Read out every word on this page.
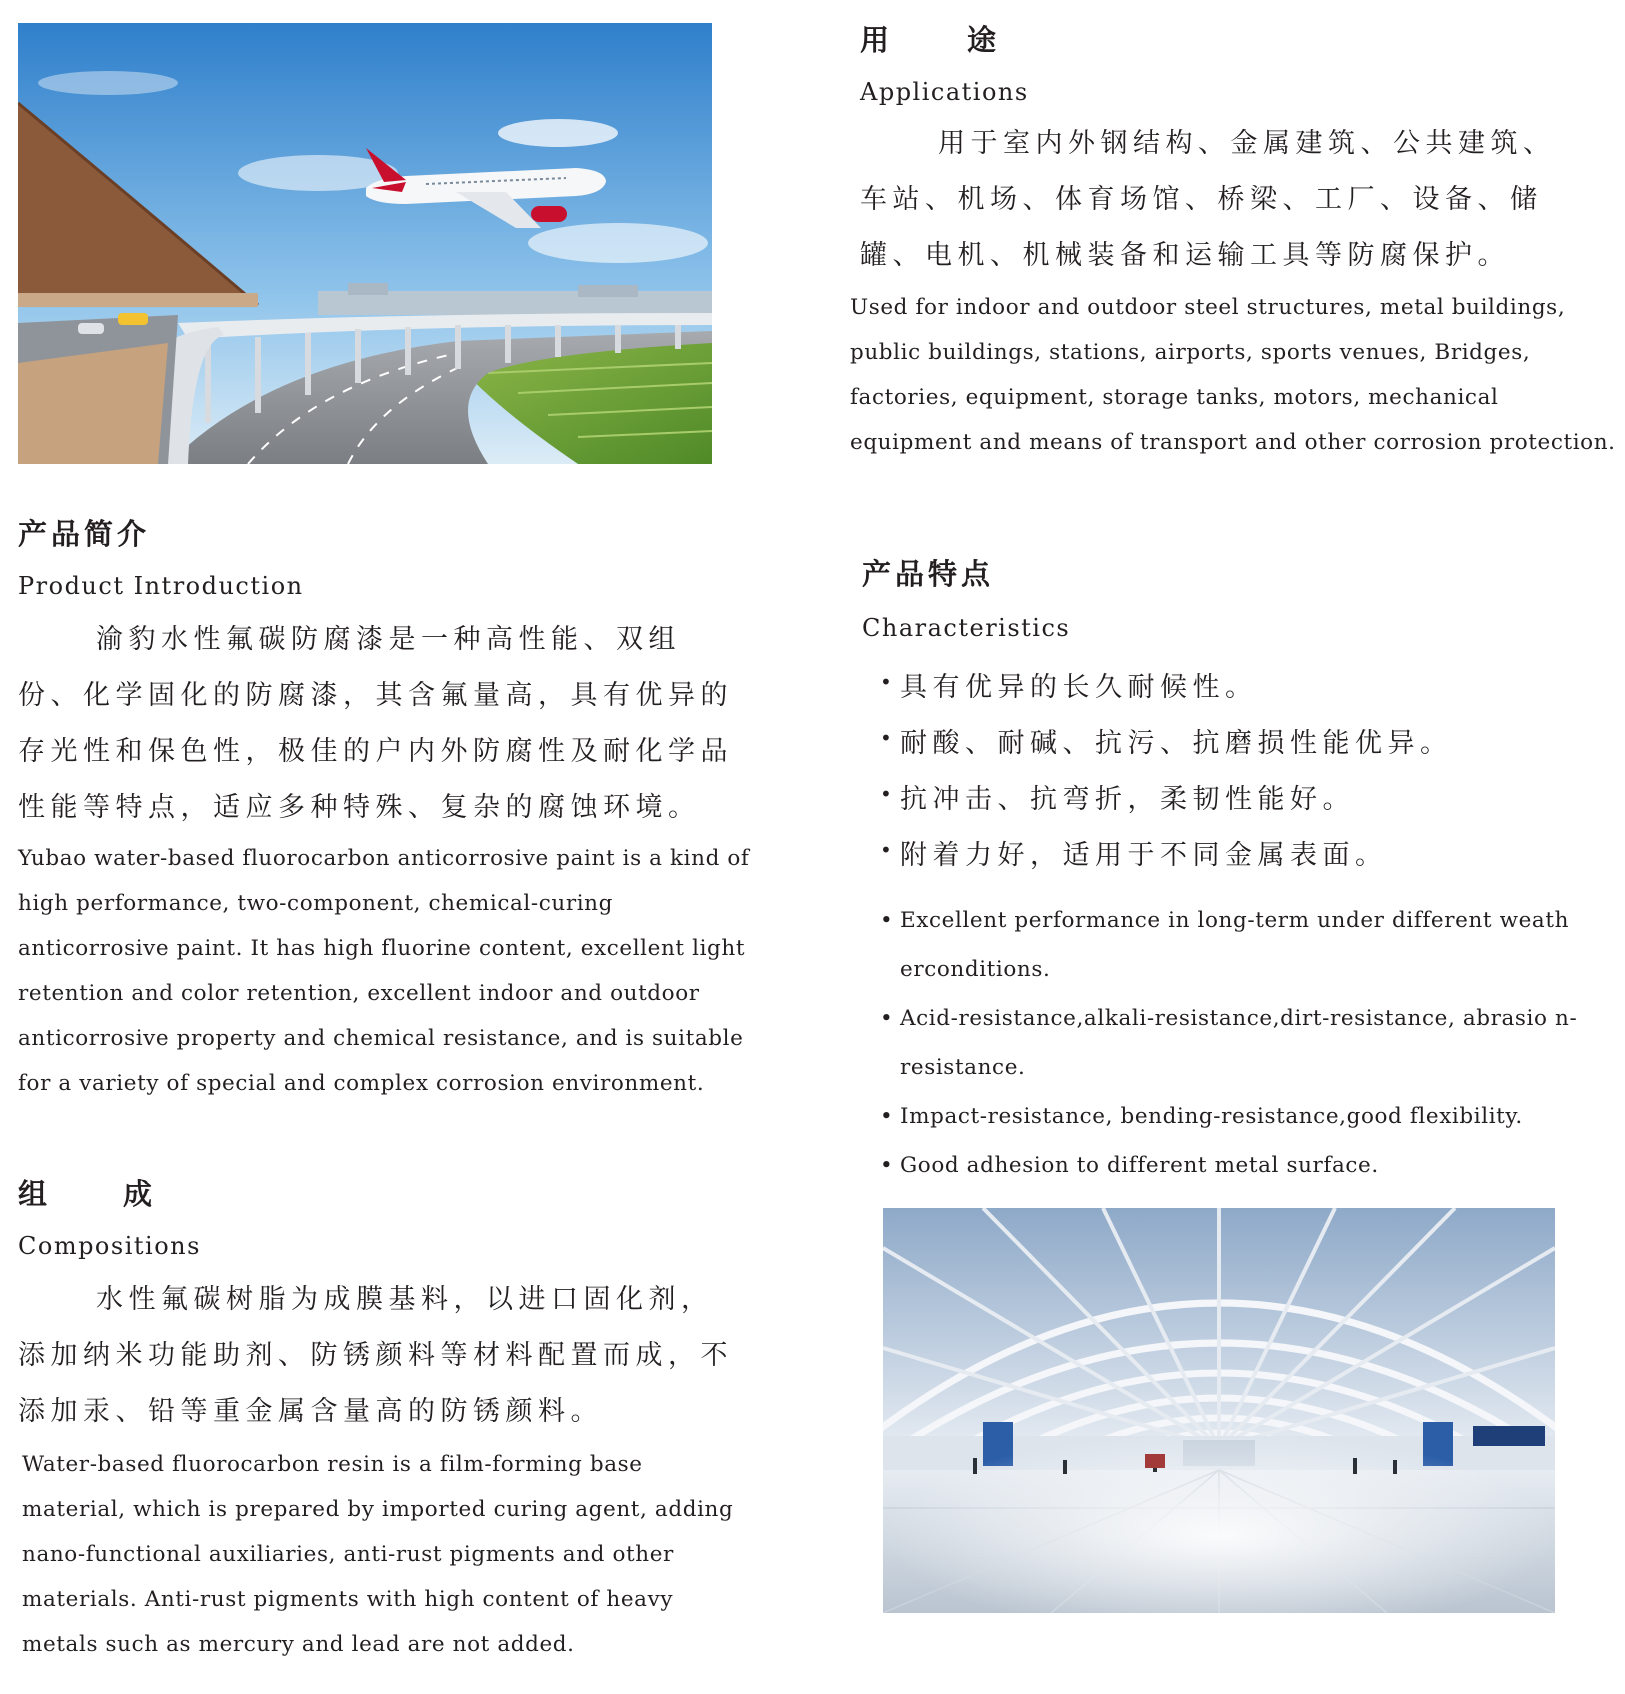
用	途
Applications

用于室内外钢结构、金属建筑、公共建筑、车站、机场、体育场馆、桥梁、工厂、设备、储罐、电机、机械装备和运输工具等防腐保护。

Used for indoor and outdoor steel structures, metal buildings, public buildings, stations, airports, sports venues, Bridges, factories, equipment, storage tanks, motors, mechanical equipment and means of transport and other corrosion protection.

产品简介
Product Introduction

渝豹水性氟碳防腐漆是一种高性能、双组份、化学固化的防腐漆，其含氟量高，具有优异的存光性和保色性，极佳的户内外防腐性及耐化学品性能等特点，适应多种特殊、复杂的腐蚀环境。

Yubao water-based fluorocarbon anticorrosive paint is a kind of high performance, two-component, chemical-curing anticorrosive paint. It has high fluorine content, excellent light retention and color retention, excellent indoor and outdoor anticorrosive property and chemical resistance, and is suitable for a variety of special and complex corrosion environment.

组	成
Compositions

水性氟碳树脂为成膜基料，以进口固化剂，添加纳米功能助剂、防锈颜料等材料配置而成，不添加汞、铅等重金属含量高的防锈颜料。

Water-based fluorocarbon resin is a film-forming base material, which is prepared by imported curing agent, adding nano-functional auxiliaries, anti-rust pigments and other materials. Anti-rust pigments with high content of heavy metals such as mercury and lead are not added.

产品特点
Characteristics
• 具有优异的长久耐候性。
• 耐酸、耐碱、抗污、抗磨损性能优异。
• 抗冲击、抗弯折，柔韧性能好。
• 附着力好，适用于不同金属表面。
• Excellent performance in long-term under different weath erconditions.
• Acid-resistance,alkali-resistance,dirt-resistance, abrasio n-resistance.
• Impact-resistance, bending-resistance,good flexibility.
• Good adhesion to different metal surface.
